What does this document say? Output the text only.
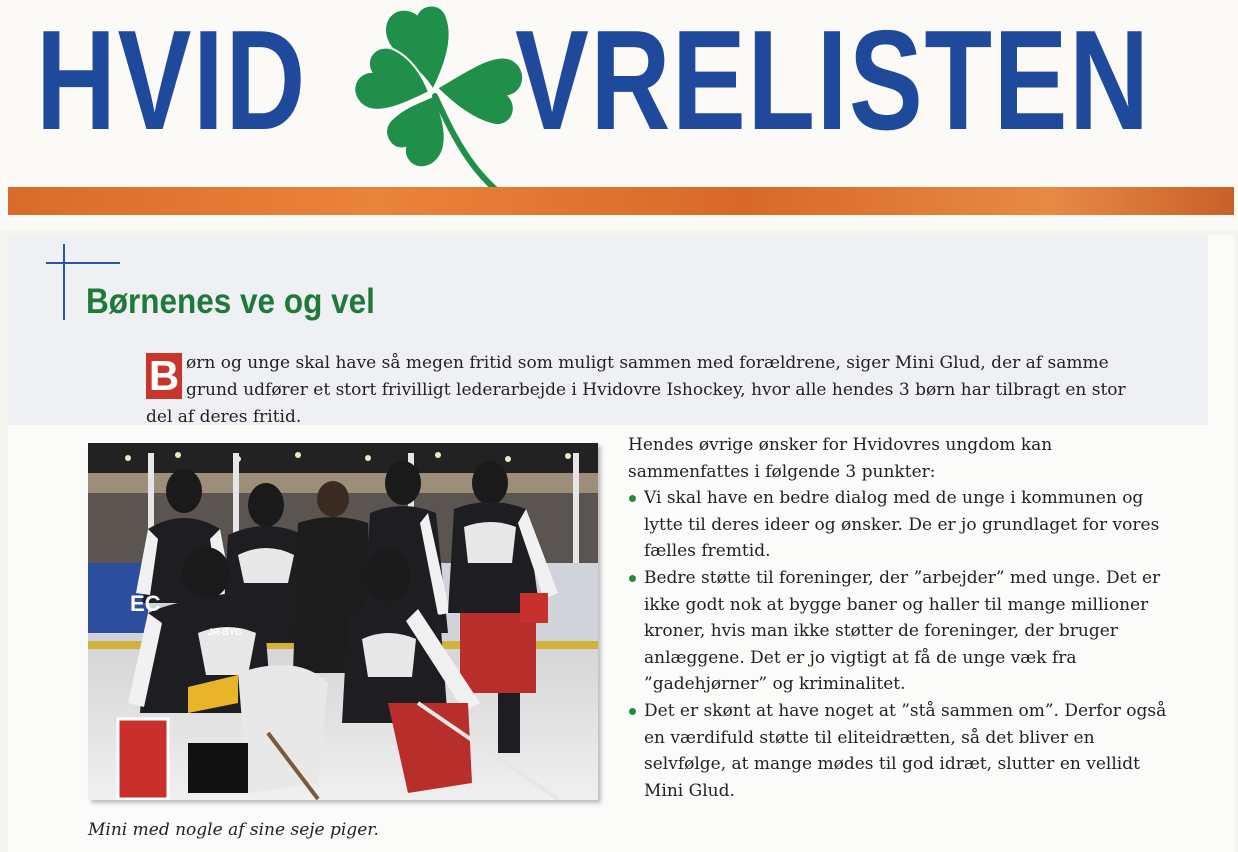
HVID VRELISTEN

Børnenes ve og vel
B ørn og unge skal have så megen fritid som muligt sammen med forældrene, siger Mini Glud, der af samme grund udfører et stort frivilligt lederarbejde i Hvidovre Ishockey, hvor alle hendes 3 børn har tilbragt en stor del af deres fritid.

EC
JR-BYG
Mini med nogle af sine seje piger.

Hendes øvrige ønsker for Hvidovres ungdom kan sammenfattes i følgende 3 punkter:

Vi skal have en bedre dialog med de unge i kommunen og lytte til deres ideer og ønsker. De er jo grundlaget for vores fælles fremtid.
Bedre støtte til foreninger, der ”arbejder” med unge. Det er ikke godt nok at bygge baner og haller til mange millioner kroner, hvis man ikke støtter de foreninger, der bruger anlæggene. Det er jo vigtigt at få de unge væk fra ”gadehjørner” og kriminalitet.
Det er skønt at have noget at ”stå sammen om”. Derfor også en værdifuld støtte til eliteidrætten, så det bliver en selvfølge, at mange mødes til god idræt, slutter en vellidt Mini Glud.
